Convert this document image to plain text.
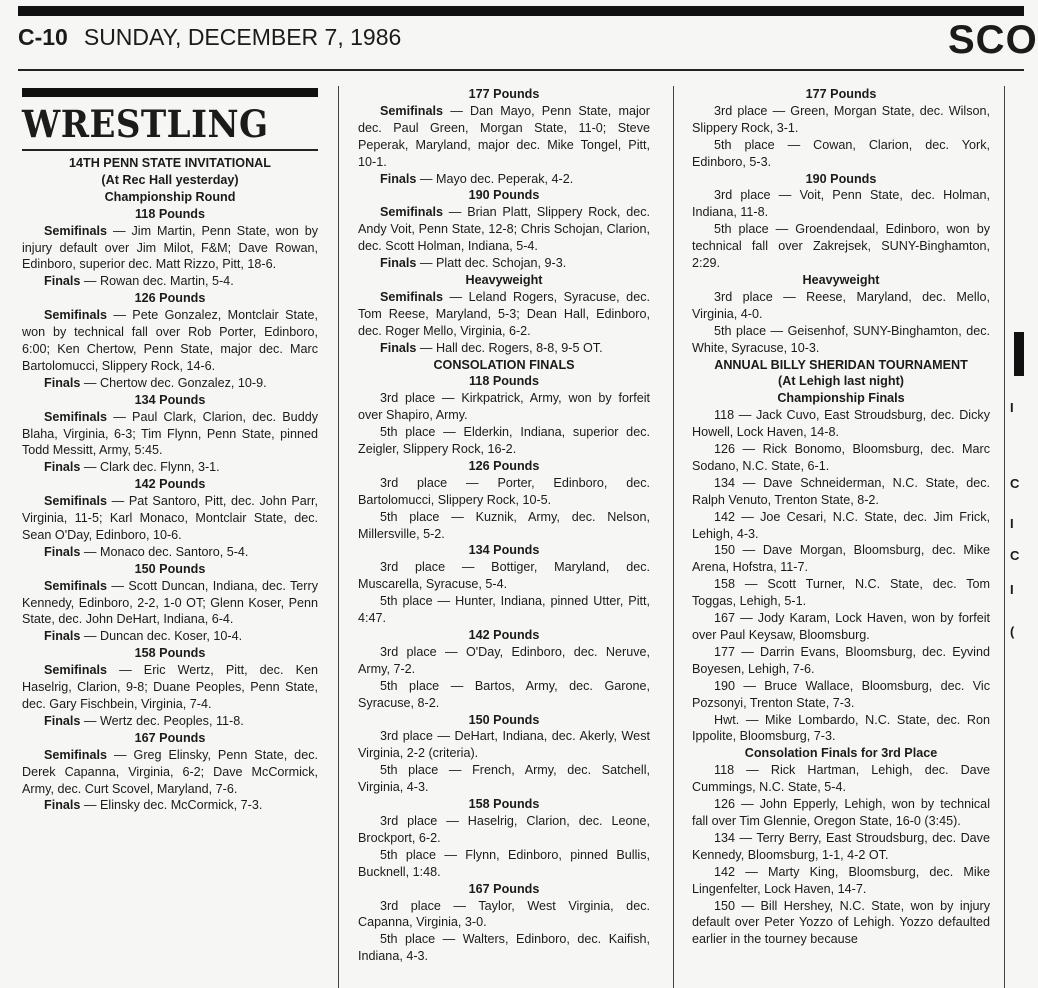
C-10 SUNDAY, DECEMBER 7, 1986	SCO
WRESTLING
14TH PENN STATE INVITATIONAL
(At Rec Hall yesterday)
Championship Round
118 Pounds
Semifinals — Jim Martin, Penn State, won by injury default over Jim Milot, F&M; Dave Rowan, Edinboro, superior dec. Matt Rizzo, Pitt, 18-6.
Finals — Rowan dec. Martin, 5-4.
126 Pounds
Semifinals — Pete Gonzalez, Montclair State, won by technical fall over Rob Porter, Edinboro, 6:00; Ken Chertow, Penn State, major dec. Marc Bartolomucci, Slippery Rock, 14-6.
Finals — Chertow dec. Gonzalez, 10-9.
134 Pounds
Semifinals — Paul Clark, Clarion, dec. Buddy Blaha, Virginia, 6-3; Tim Flynn, Penn State, pinned Todd Messitt, Army, 5:45.
Finals — Clark dec. Flynn, 3-1.
142 Pounds
Semifinals — Pat Santoro, Pitt, dec. John Parr, Virginia, 11-5; Karl Monaco, Montclair State, dec. Sean O'Day, Edinboro, 10-6.
Finals — Monaco dec. Santoro, 5-4.
150 Pounds
Semifinals — Scott Duncan, Indiana, dec. Terry Kennedy, Edinboro, 2-2, 1-0 OT; Glenn Koser, Penn State, dec. John DeHart, Indiana, 6-4.
Finals — Duncan dec. Koser, 10-4.
158 Pounds
Semifinals — Eric Wertz, Pitt, dec. Ken Haselrig, Clarion, 9-8; Duane Peoples, Penn State, dec. Gary Fischbein, Virginia, 7-4.
Finals — Wertz dec. Peoples, 11-8.
167 Pounds
Semifinals — Greg Elinsky, Penn State, dec. Derek Capanna, Virginia, 6-2; Dave McCormick, Army, dec. Curt Scovel, Maryland, 7-6.
Finals — Elinsky dec. McCormick, 7-3.
177 Pounds
Semifinals — Dan Mayo, Penn State, major dec. Paul Green, Morgan State, 11-0; Steve Peperak, Maryland, major dec. Mike Tongel, Pitt, 10-1.
Finals — Mayo dec. Peperak, 4-2.
190 Pounds
Semifinals — Brian Platt, Slippery Rock, dec. Andy Voit, Penn State, 12-8; Chris Schojan, Clarion, dec. Scott Holman, Indiana, 5-4.
Finals — Platt dec. Schojan, 9-3.
Heavyweight
Semifinals — Leland Rogers, Syracuse, dec. Tom Reese, Maryland, 5-3; Dean Hall, Edinboro, dec. Roger Mello, Virginia, 6-2.
Finals — Hall dec. Rogers, 8-8, 9-5 OT.
CONSOLATION FINALS
118 Pounds
3rd place — Kirkpatrick, Army, won by forfeit over Shapiro, Army.
5th place — Elderkin, Indiana, superior dec. Zeigler, Slippery Rock, 16-2.
126 Pounds
3rd place — Porter, Edinboro, dec. Bartolomucci, Slippery Rock, 10-5.
5th place — Kuznik, Army, dec. Nelson, Millersville, 5-2.
134 Pounds
3rd place — Bottiger, Maryland, dec. Muscarella, Syracuse, 5-4.
5th place — Hunter, Indiana, pinned Utter, Pitt, 4:47.
142 Pounds
3rd place — O'Day, Edinboro, dec. Neruve, Army, 7-2.
5th place — Bartos, Army, dec. Garone, Syracuse, 8-2.
150 Pounds
3rd place — DeHart, Indiana, dec. Akerly, West Virginia, 2-2 (criteria).
5th place — French, Army, dec. Satchell, Virginia, 4-3.
158 Pounds
3rd place — Haselrig, Clarion, dec. Leone, Brockport, 6-2.
5th place — Flynn, Edinboro, pinned Bullis, Bucknell, 1:48.
167 Pounds
3rd place — Taylor, West Virginia, dec. Capanna, Virginia, 3-0.
5th place — Walters, Edinboro, dec. Kaifish, Indiana, 4-3.
177 Pounds
3rd place — Green, Morgan State, dec. Wilson, Slippery Rock, 3-1.
5th place — Cowan, Clarion, dec. York, Edinboro, 5-3.
190 Pounds
3rd place — Voit, Penn State, dec. Holman, Indiana, 11-8.
5th place — Groendendaal, Edinboro, won by technical fall over Zakrejsek, SUNY-Binghamton, 2:29.
Heavyweight
3rd place — Reese, Maryland, dec. Mello, Virginia, 4-0.
5th place — Geisenhof, SUNY-Binghamton, dec. White, Syracuse, 10-3.
ANNUAL BILLY SHERIDAN TOURNAMENT
(At Lehigh last night)
Championship Finals
118 — Jack Cuvo, East Stroudsburg, dec. Dicky Howell, Lock Haven, 14-8.
126 — Rick Bonomo, Bloomsburg, dec. Marc Sodano, N.C. State, 6-1.
134 — Dave Schneiderman, N.C. State, dec. Ralph Venuto, Trenton State, 8-2.
142 — Joe Cesari, N.C. State, dec. Jim Frick, Lehigh, 4-3.
150 — Dave Morgan, Bloomsburg, dec. Mike Arena, Hofstra, 11-7.
158 — Scott Turner, N.C. State, dec. Tom Toggas, Lehigh, 5-1.
167 — Jody Karam, Lock Haven, won by forfeit over Paul Keysaw, Bloomsburg.
177 — Darrin Evans, Bloomsburg, dec. Eyvind Boyesen, Lehigh, 7-6.
190 — Bruce Wallace, Bloomsburg, dec. Vic Pozsonyi, Trenton State, 7-3.
Hwt. — Mike Lombardo, N.C. State, dec. Ron Ippolite, Bloomsburg, 7-3.
Consolation Finals for 3rd Place
118 — Rick Hartman, Lehigh, dec. Dave Cummings, N.C. State, 5-4.
126 — John Epperly, Lehigh, won by technical fall over Tim Glennie, Oregon State, 16-0 (3:45).
134 — Terry Berry, East Stroudsburg, dec. Dave Kennedy, Bloomsburg, 1-1, 4-2 OT.
142 — Marty King, Bloomsburg, dec. Mike Lingenfelter, Lock Haven, 14-7.
150 — Bill Hershey, N.C. State, won by injury default over Peter Yozzo of Lehigh. Yozzo defaulted earlier in the tourney because
I
C
I
C
I
(
